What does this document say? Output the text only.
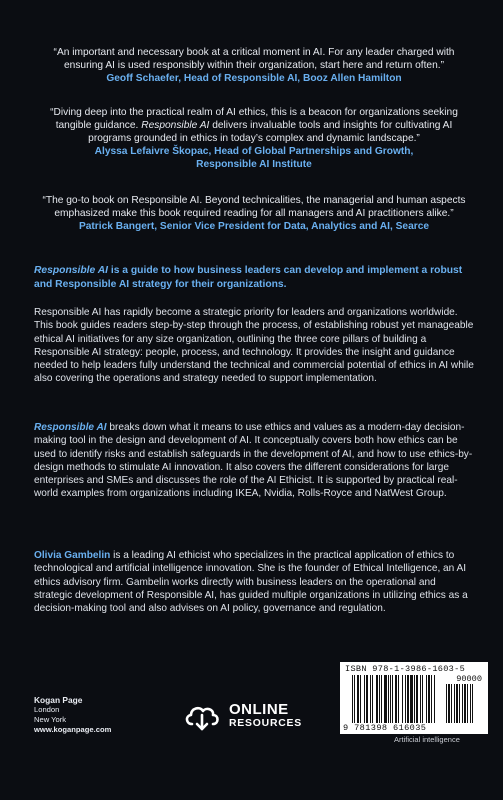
“An important and necessary book at a critical moment in AI. For any leader charged with ensuring AI is used responsibly within their organization, start here and return often.”
Geoff Schaefer, Head of Responsible AI, Booz Allen Hamilton
“Diving deep into the practical realm of AI ethics, this is a beacon for organizations seeking tangible guidance. Responsible AI delivers invaluable tools and insights for cultivating AI programs grounded in ethics in today’s complex and dynamic landscape.”
Alyssa Lefaivre Škopac, Head of Global Partnerships and Growth,
Responsible AI Institute
“The go-to book on Responsible AI. Beyond technicalities, the managerial and human aspects emphasized make this book required reading for all managers and AI practitioners alike.”
Patrick Bangert, Senior Vice President for Data, Analytics and AI, Searce
Responsible AI is a guide to how business leaders can develop and implement a robust and Responsible AI strategy for their organizations.
Responsible AI has rapidly become a strategic priority for leaders and organizations worldwide. This book guides readers step-by-step through the process, of establishing robust yet manageable ethical AI initiatives for any size organization, outlining the three core pillars of building a Responsible AI strategy: people, process, and technology. It provides the insight and guidance needed to help leaders fully understand the technical and commercial potential of ethics in AI while also covering the operations and strategy needed to support implementation.
Responsible AI breaks down what it means to use ethics and values as a modern-day decision-making tool in the design and development of AI. It conceptually covers both how ethics can be used to identify risks and establish safeguards in the development of AI, and how to use ethics-by-design methods to stimulate AI innovation. It also covers the different considerations for large enterprises and SMEs and discusses the role of the AI Ethicist. It is supported by practical real-world examples from organizations including IKEA, Nvidia, Rolls-Royce and NatWest Group.
Olivia Gambelin is a leading AI ethicist who specializes in the practical application of ethics to technological and artificial intelligence innovation. She is the founder of Ethical Intelligence, an AI ethics advisory firm. Gambelin works directly with business leaders on the operational and strategic development of Responsible AI, has guided multiple organizations in utilizing ethics as a decision-making tool and also advises on AI policy, governance and regulation.
Kogan Page
London
New York
www.koganpage.com
ONLINE
RESOURCES
ISBN 978-1-3986-1603-5
90000
9 781398 616035
Artificial intelligence
